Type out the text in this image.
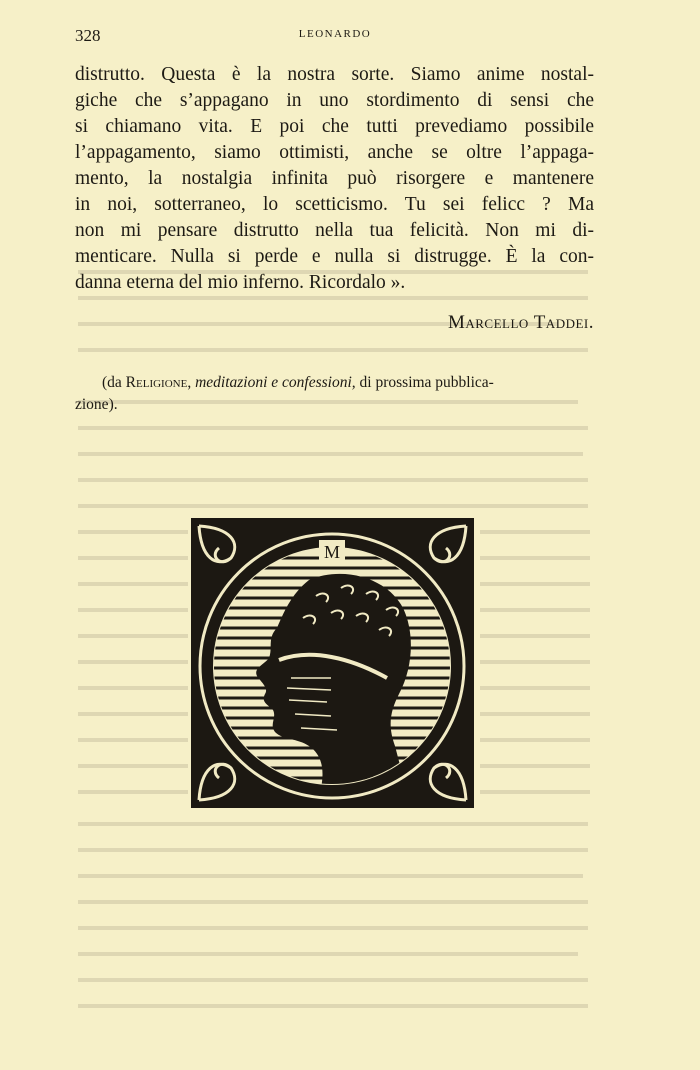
328	LEONARDO
distrutto. Questa è la nostra sorte. Siamo anime nostal-
giche che s’appagano in uno stordimento di sensi che
si chiamano vita. E poi che tutti prevediamo possibile
l’appagamento, siamo ottimisti, anche se oltre l’appaga-
mento, la nostalgia infinita può risorgere e mantenere
in noi, sotterraneo, lo scetticismo. Tu sei felicc ? Ma
non mi pensare distrutto nella tua felicità. Non mi di-
menticare. Nulla si perde e nulla si distrugge. È la con-
danna eterna del mio inferno. Ricordalo ».
Marcello Taddei.
(da Religione, meditazioni e confessioni, di prossima pubblica-
zione).
M
